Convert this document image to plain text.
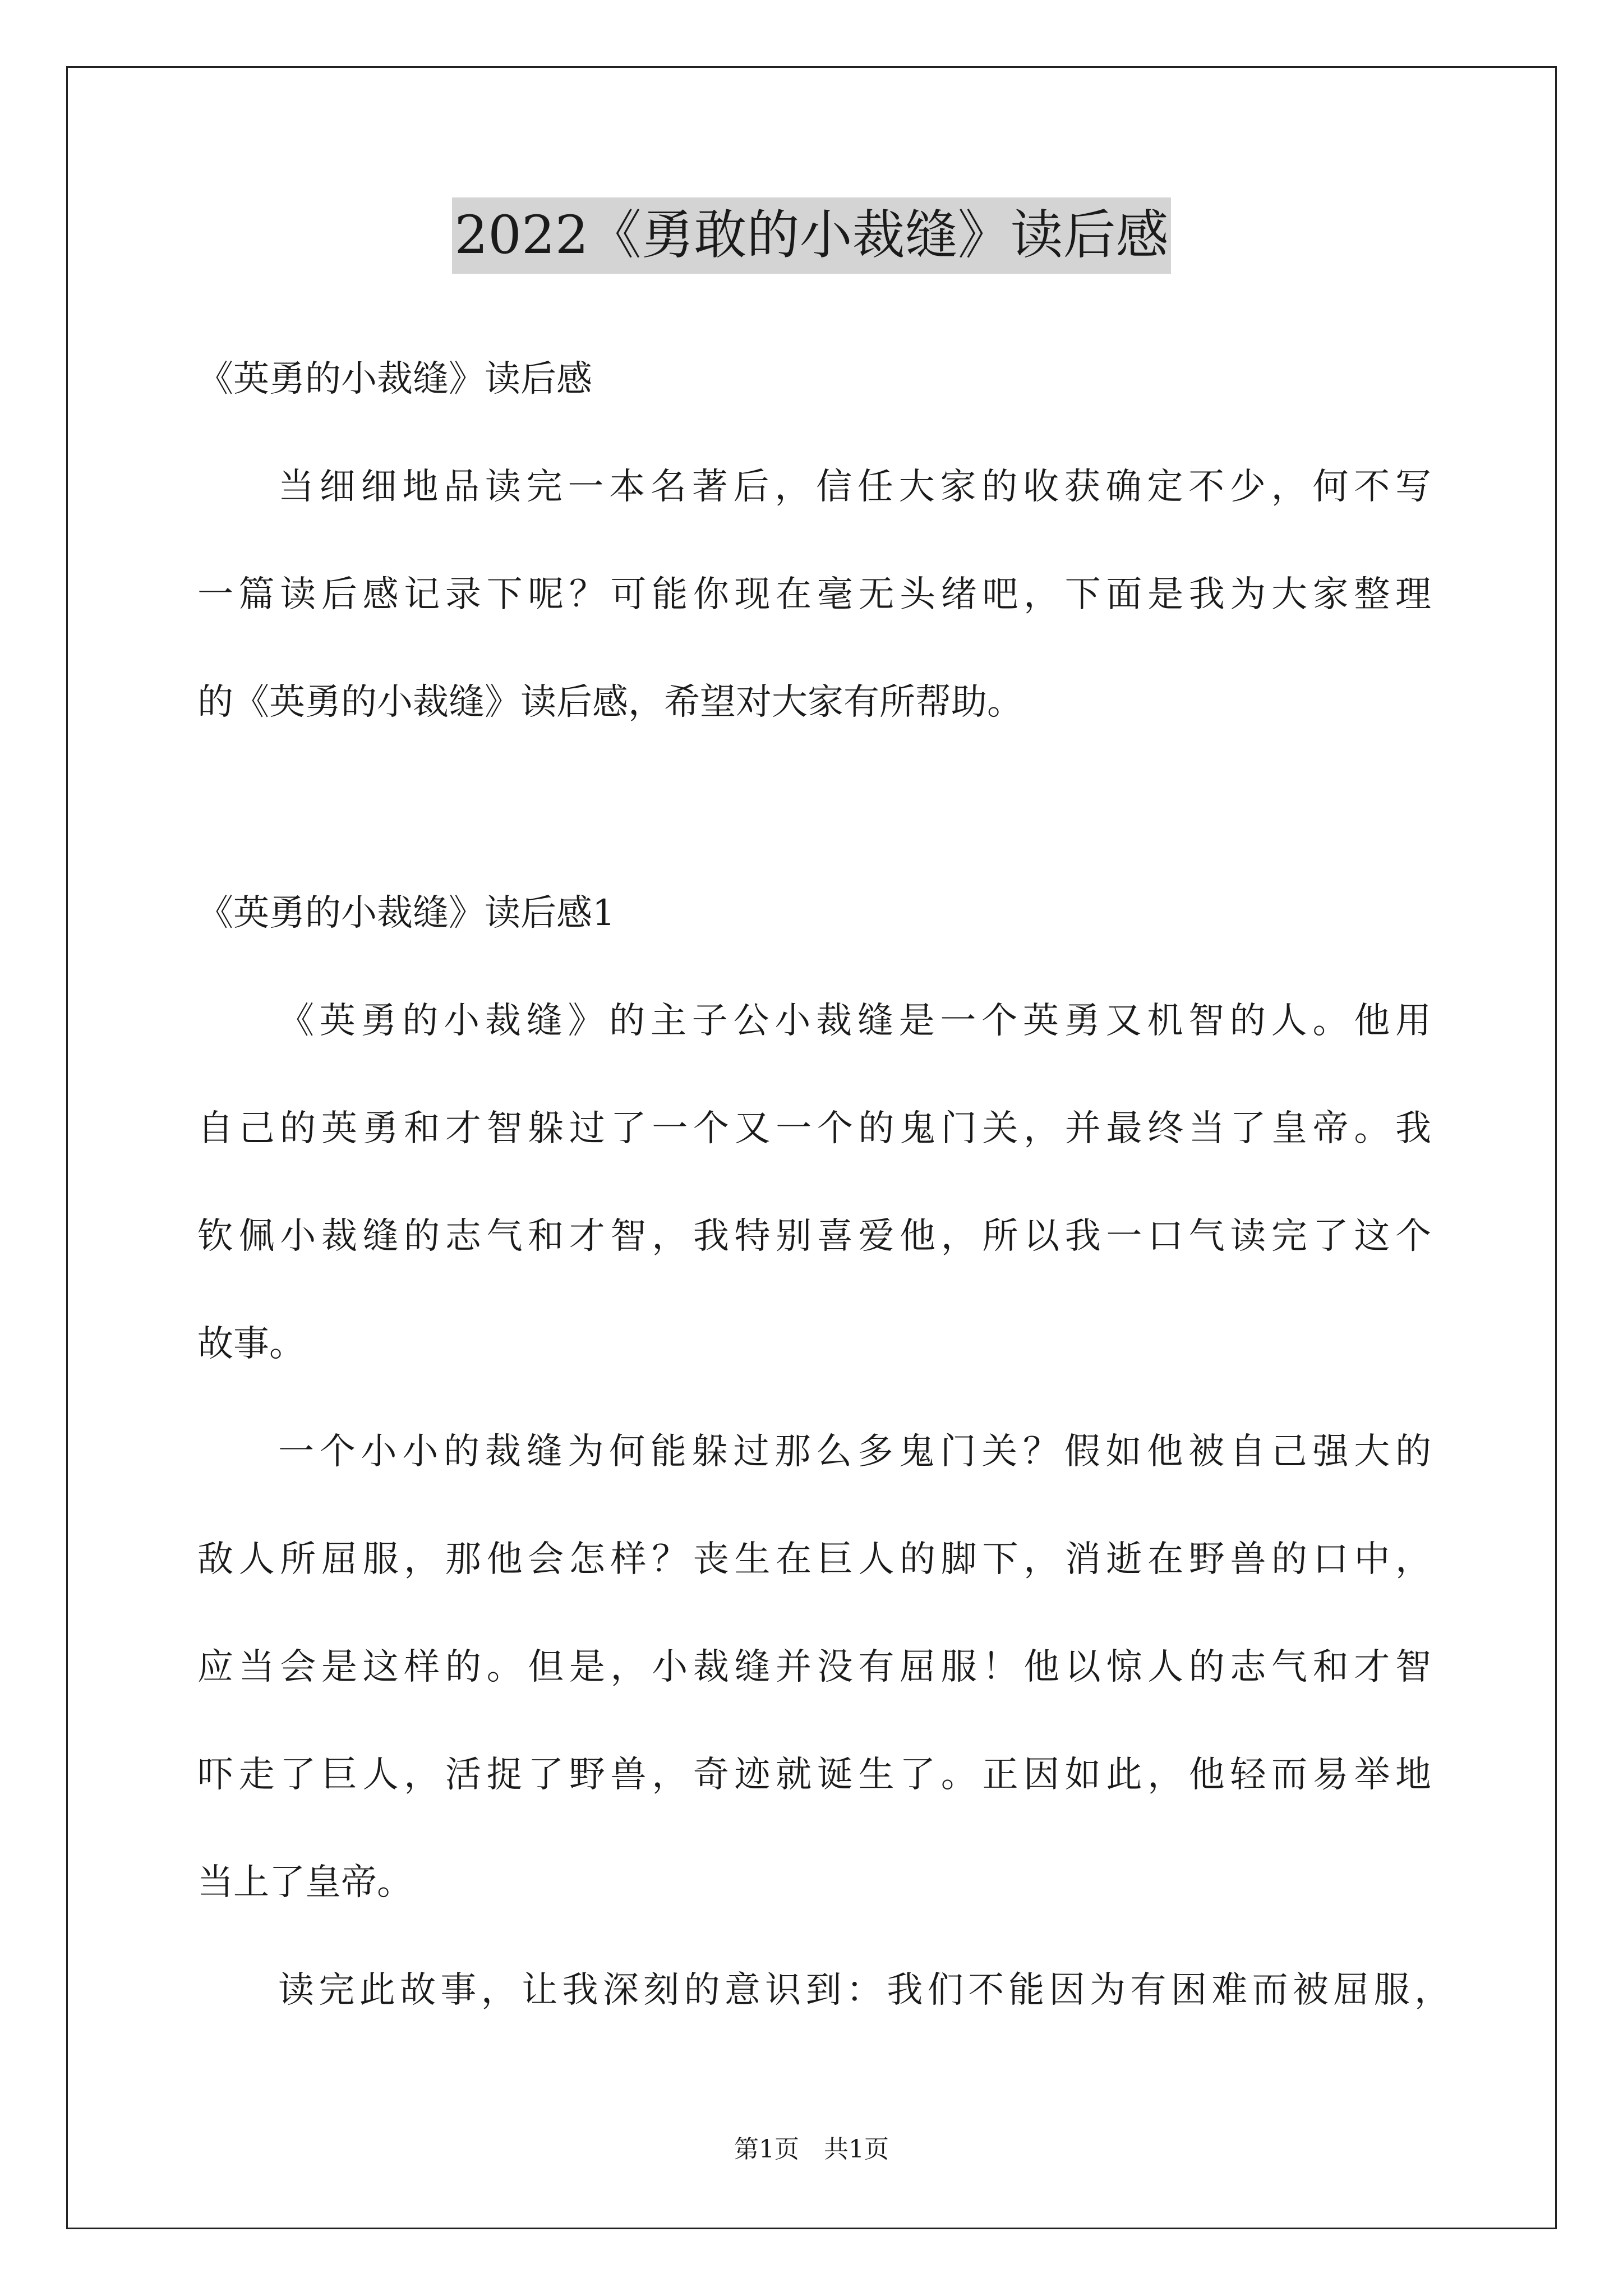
2022《勇敢的小裁缝》读后感
《英勇的小裁缝》读后感
当细细地品读完一本名著后，信任大家的收获确定不少，何不写
一篇读后感记录下呢？可能你现在毫无头绪吧，下面是我为大家整理
的《英勇的小裁缝》读后感，希望对大家有所帮助。
《英勇的小裁缝》读后感1
《英勇的小裁缝》的主子公小裁缝是一个英勇又机智的人。他用
自己的英勇和才智躲过了一个又一个的鬼门关，并最终当了皇帝。我
钦佩小裁缝的志气和才智，我特别喜爱他，所以我一口气读完了这个
故事。
一个小小的裁缝为何能躲过那么多鬼门关？假如他被自己强大的
敌人所屈服，那他会怎样？丧生在巨人的脚下，消逝在野兽的口中，
应当会是这样的。但是，小裁缝并没有屈服！他以惊人的志气和才智
吓走了巨人，活捉了野兽，奇迹就诞生了。正因如此，他轻而易举地
当上了皇帝。
读完此故事，让我深刻的意识到：我们不能因为有困难而被屈服，
第1页　共1页
